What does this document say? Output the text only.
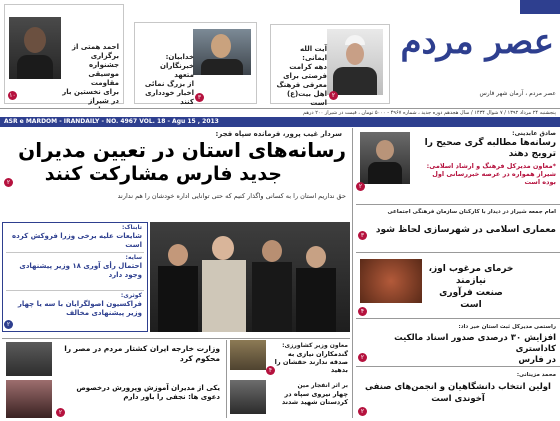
احمد همتی از
برگزاری جشنواره
موسیقی مقاومت
برای نخستین بار
در شیراز
۱۰
خدابیان:
خبرنگاران متعهد
از بزرگ نمائی
اخبار خودداری
کنند
۳
آیت الله ایمانی:
دهه کرامت
فرصتی برای
معرفی فرهنگ
اهل بیت(ع)
است
۲
عصر مردم
عصر مردم ، آرمان شهر فارس
پنجشنبه ۲۴ مرداد ۱۳۹۲ / ۷ شوال ۱۴۳۴ / سال هجدهم دوره جدید ، شماره ۴۹۶۷ - ۵۰۰۰ تومان ، قیمت در شیراز ۲۰۰ درهم
ASR e MARDOM - IRANDAILY - NO. 4967 VOL. 18 - Agu 15 , 2013
سردار غیب پرور، فرمانده سپاه فجر:
رسانه‌های استان در تعیین مدیران
جدید فارس مشارکت کنند
۲
حق نداریم استان را به کسانی واگذار کنیم که حتی توانایی اداره خودشان را هم ندارند
صادق عابدینی:
رسانه‌ها مطالبه گری صحیح را
ترویج دهند
*معاون مدیرکل فرهنگ و ارشاد اسلامی:
شیراز همواره در عرصه خبررسانی اول
بوده است
۲
امام جمعه شیراز در دیدار با کارکنان سازمان فرهنگی اجتماعی
معماری اسلامی در شهرسازی لحاظ شود
۳
خرمای مرغوب اوز، نیازمند
صنعت فرآوری
است
۴
راستمی مدیرکل ثبت استان خبر داد:
افزایش ۳۰ درصدی صدور اسناد مالکیت کاداستری
در فارس
۲
محمد مزینانی:
اولین انتخاب دانشگاهیان و انجمن‌های صنفی
آخوندی است
۲
تابناک:
شایعات علیه برخی وزرا فروکش کرده است
سایه:
احتمال رأی آوری ۱۸ وزیر پیشنهادی وجود دارد
کوثری:
فراکسیون اصولگرایان با سه یا چهار وزیر پیشنهادی مخالف
۲
معاون وزیر کشاورزی:
گندمکاران نیازی به صدقه ندارند حقشان را بدهید
۴
بر اثر انفجار مین
چهار نیروی سپاه در کردستان شهید شدند
وزارت خارجه ایران کشتار مردم در مصر را محکوم کرد
یکی از مدیران آموزش وپرورش درخصوص دعوی ها: نجفی را باور دارم
۲
